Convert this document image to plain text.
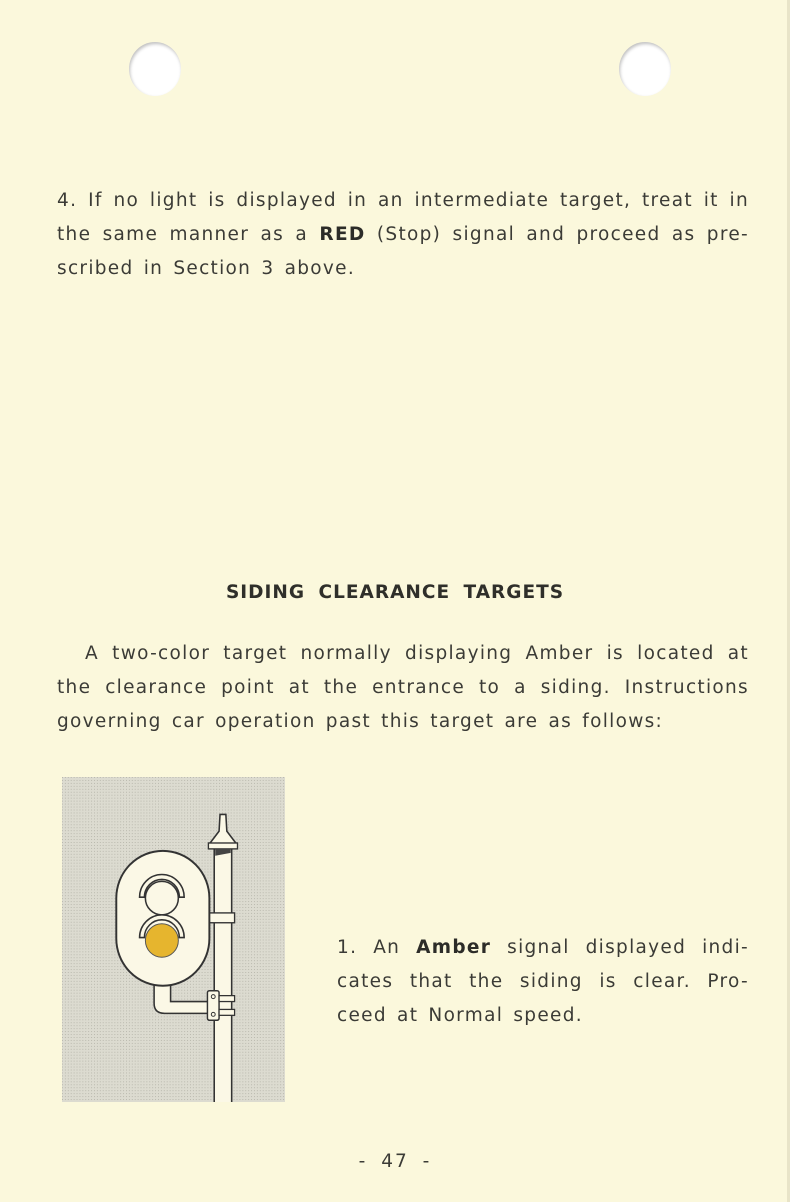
4. If no light is displayed in an intermediate target, treat it in the same manner as a RED (Stop) signal and proceed as pre-scribed in Section 3 above.

SIDING CLEARANCE TARGETS

A two-color target normally displaying Amber is located at the clearance point at the entrance to a siding. Instructions governing car operation past this target are as follows:

1. An Amber signal displayed indi-cates that the siding is clear. Pro-ceed at Normal speed.

- 47 -
